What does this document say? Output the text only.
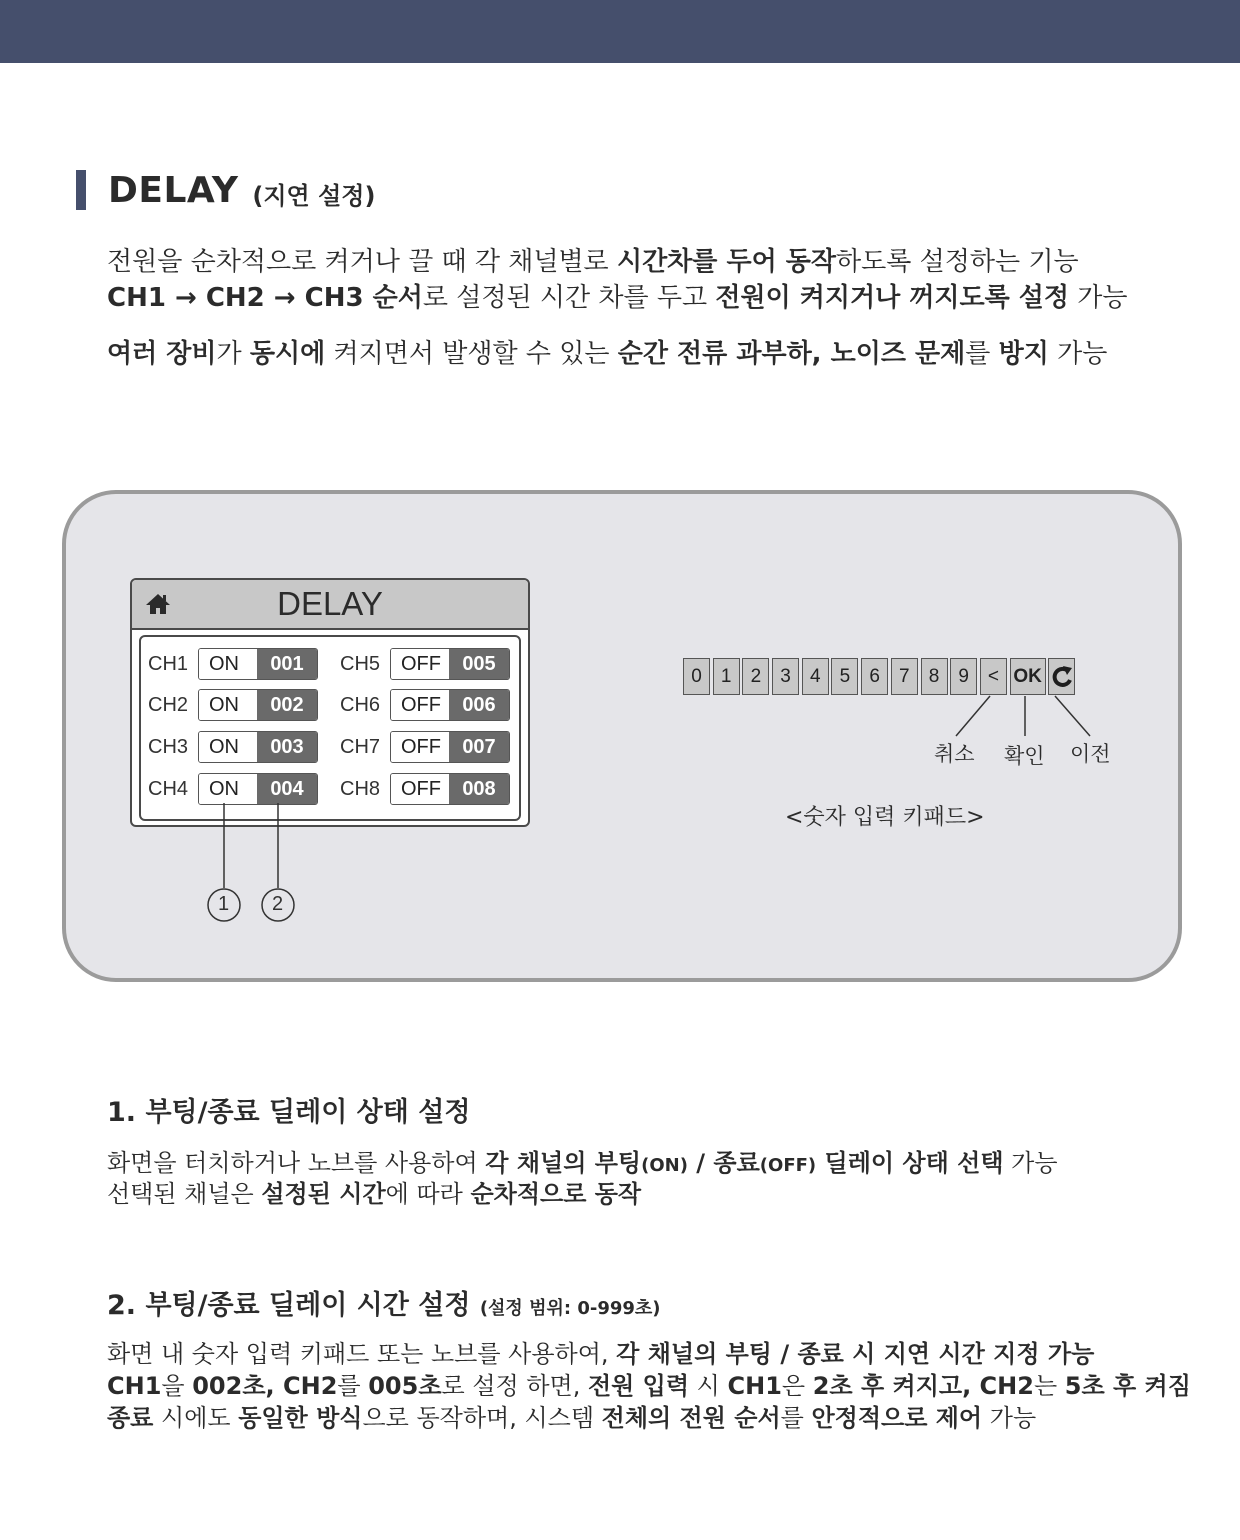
DELAY (지연 설정)
전원을 순차적으로 켜거나 끌 때 각 채널별로 시간차를 두어 동작하도록 설정하는 기능
CH1 → CH2 → CH3 순서로 설정된 시간 차를 두고 전원이 켜지거나 꺼지도록 설정 가능
여러 장비가 동시에 켜지면서 발생할 수 있는 순간 전류 과부하, 노이즈 문제를 방지 가능
DELAY
CH1	ON	001
CH2	ON	002
CH3	ON	003
CH4	ON	004
CH5	OFF	005
CH6	OFF	006
CH7	OFF	007
CH8	OFF	008
1 2
0	1	2	3	4	5	6	7	8	9 < OK
취소 확인 이전
<숫자 입력 키패드>
1. 부팅/종료 딜레이 상태 설정
화면을 터치하거나 노브를 사용하여 각 채널의 부팅(ON) / 종료(OFF) 딜레이 상태 선택 가능
선택된 채널은 설정된 시간에 따라 순차적으로 동작
2. 부팅/종료 딜레이 시간 설정 (설정 범위: 0-999초)
화면 내 숫자 입력 키패드 또는 노브를 사용하여, 각 채널의 부팅 / 종료 시 지연 시간 지정 가능
CH1을 002초, CH2를 005초로 설정 하면, 전원 입력 시 CH1은 2초 후 켜지고, CH2는 5초 후 켜짐
종료 시에도 동일한 방식으로 동작하며, 시스템 전체의 전원 순서를 안정적으로 제어 가능
